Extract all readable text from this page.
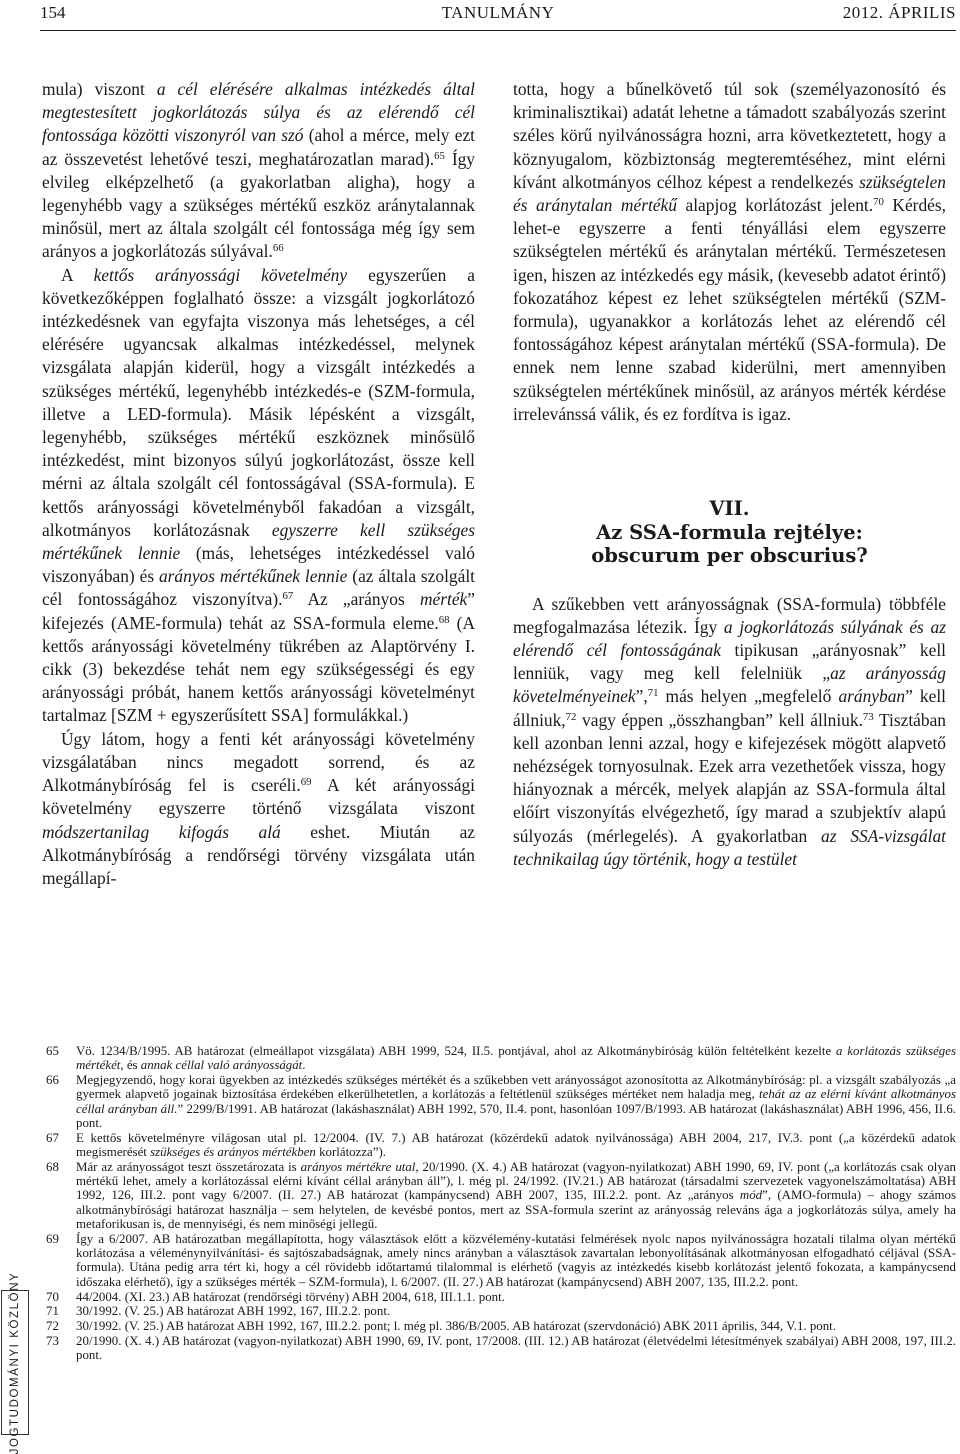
154	TANULMÁNY	2012. ÁPRILIS

mula) viszont a cél elérésére alkalmas intézkedés által megtestesített jogkorlátozás súlya és az elérendő cél fontossága közötti viszonyról van szó (ahol a mérce, mely ezt az összevetést lehetővé teszi, meghatározatlan marad).$^{65}$ Így elvileg elképzelhető (a gyakorlatban aligha), hogy a legenyhébb vagy a szükséges mértékű eszköz aránytalannak minősül, mert az általa szolgált cél fontossága még így sem arányos a jogkorlátozás súlyával.$^{66}$

A kettős arányossági követelmény egyszerűen a következőképpen foglalható össze: a vizsgált jogkorlátozó intézkedésnek van egyfajta viszonya más lehetséges, a cél elérésére ugyancsak alkalmas intézkedéssel, melynek vizsgálata alapján kiderül, hogy a vizsgált intézkedés a szükséges mértékű, legenyhébb intézkedés-e (SZM-formula, illetve a LED-formula). Másik lépésként a vizsgált, legenyhébb, szükséges mértékű eszköznek minősülő intézkedést, mint bizonyos súlyú jogkorlátozást, össze kell mérni az általa szolgált cél fontosságával (SSA-formula). E kettős arányossági követelményből fakadóan a vizsgált, alkotmányos korlátozásnak egyszerre kell szükséges mértékűnek lennie (más, lehetséges intézkedéssel való viszonyában) és arányos mértékűnek lennie (az általa szolgált cél fontosságához viszonyítva).$^{67}$ Az „arányos mérték” kifejezés (AME-formula) tehát az SSA-formula eleme.$^{68}$ (A kettős arányossági követelmény tükrében az Alaptörvény I. cikk (3) bekezdése tehát nem egy szükségességi és egy arányossági próbát, hanem kettős arányossági követelményt tartalmaz [SZM + egyszerűsített SSA] formulákkal.)

Úgy látom, hogy a fenti két arányossági követelmény vizsgálatában nincs megadott sorrend, és az Alkotmánybíróság fel is cseréli.$^{69}$ A két arányossági követelmény egyszerre történő vizsgálata viszont módszertanilag kifogás alá eshet. Miután az Alkotmánybíróság a rendőrségi törvény vizsgálata után megállapí-

totta, hogy a bűnelkövető túl sok (személyazonosító és kriminalisztikai) adatát lehetne a támadott szabályozás szerint széles körű nyilvánosságra hozni, arra következtetett, hogy a köznyugalom, közbiztonság megteremtéséhez, mint elérni kívánt alkotmányos célhoz képest a rendelkezés szükségtelen és aránytalan mértékű alapjog korlátozást jelent.$^{70}$ Kérdés, lehet-e egyszerre a fenti tényállási elem egyszerre szükségtelen mértékű és aránytalan mértékű. Természetesen igen, hiszen az intézkedés egy másik, (kevesebb adatot érintő) fokozatához képest ez lehet szükségtelen mértékű (SZM-formula), ugyanakkor a korlátozás lehet az elérendő cél fontosságához képest aránytalan mértékű (SSA-formula). De ennek nem lenne szabad kiderülni, mert amennyiben szükségtelen mértékűnek minősül, az arányos mérték kérdése irrelevánssá válik, és ez fordítva is igaz.

VII.
Az SSA-formula rejtélye:
obscurum per obscurius?

A szűkebben vett arányosságnak (SSA-formula) többféle megfogalmazása létezik. Így a jogkorlátozás súlyának és az elérendő cél fontosságának tipikusan „arányosnak” kell lenniük, vagy meg kell felelniük „az arányosság követelményeinek”,$^{71}$ más helyen „megfelelő arányban” kell állniuk,$^{72}$ vagy éppen „összhangban” kell állniuk.$^{73}$ Tisztában kell azonban lenni azzal, hogy e kifejezések mögött alapvető nehézségek tornyosulnak. Ezek arra vezethetőek vissza, hogy hiányoznak a mércék, melyek alapján az SSA-formula által előírt viszonyítás elvégezhető, így marad a szubjektív alapú súlyozás (mérlegelés). A gyakorlatban az SSA-vizsgálat technikailag úgy történik, hogy a testület

65	Vö. 1234/B/1995. AB határozat (elmeállapot vizsgálata) ABH 1999, 524, II.5. pontjával, ahol az Alkotmánybíróság külön feltételként kezelte a korlátozás szükséges mértékét, és annak céllal való arányosságát.
66	Megjegyzendő, hogy korai ügyekben az intézkedés szükséges mértékét és a szűkebben vett arányosságot azonosította az Alkotmánybíróság: pl. a vizsgált szabályozás „a gyermek alapvető jogainak biztosítása érdekében elkerülhetetlen, a korlátozás a feltétlenül szükséges mértéket nem haladja meg, tehát az az elérni kívánt alkotmányos céllal arányban áll.” 2299/B/1991. AB határozat (lakáshasználat) ABH 1992, 570, II.4. pont, hasonlóan 1097/B/1993. AB határozat (lakáshasználat) ABH 1996, 456, II.6. pont.
67	E kettős követelményre világosan utal pl. 12/2004. (IV. 7.) AB határozat (közérdekű adatok nyilvánossága) ABH 2004, 217, IV.3. pont („a közérdekű adatok megismerését szükséges és arányos mértékben korlátozza”).
68	Már az arányosságot teszt összetározata is arányos mértékre utal, 20/1990. (X. 4.) AB határozat (vagyon-nyilatkozat) ABH 1990, 69, IV. pont („a korlátozás csak olyan mértékű lehet, amely a korlátozással elérni kívánt céllal arányban áll”), l. még pl. 24/1992. (IV.21.) AB határozat (társadalmi szervezetek vagyonelszámoltatása) ABH 1992, 126, III.2. pont vagy 6/2007. (II. 27.) AB határozat (kampánycsend) ABH 2007, 135, III.2.2. pont. Az „arányos mód”, (AMO-formula) – ahogy számos alkotmánybírósági határozat használja – sem helytelen, de kevésbé pontos, mert az SSA-formula szerint az arányosság releváns ága a jogkorlátozás súlya, amely ha metaforikusan is, de mennyiségi, és nem minőségi jellegű.
69	Így a 6/2007. AB határozatban megállapította, hogy választások előtt a közvélemény-kutatási felmérések nyolc napos nyilvánosságra hozatali tilalma olyan mértékű korlátozása a véleménynyilvánítási- és sajtószabadságnak, amely nincs arányban a választások zavartalan lebonyolításának alkotmányosan elfogadható céljával (SSA-formula). Utána pedig arra tért ki, hogy a cél rövidebb időtartamú tilalommal is elérhető (vagyis az intézkedés kisebb korlátozást jelentő fokozata, a kampánycsend időszaka elérhető), így a szükséges mérték – SZM-formula), l. 6/2007. (II. 27.) AB határozat (kampánycsend) ABH 2007, 135, III.2.2. pont.
70	44/2004. (XI. 23.) AB határozat (rendőrségi törvény) ABH 2004, 618, III.1.1. pont.
71	30/1992. (V. 25.) AB határozat ABH 1992, 167, III.2.2. pont.
72	30/1992. (V. 25.) AB határozat ABH 1992, 167, III.2.2. pont; l. még pl. 386/B/2005. AB határozat (szervdonáció) ABK 2011 április, 344, V.1. pont.
73	20/1990. (X. 4.) AB határozat (vagyon-nyilatkozat) ABH 1990, 69, IV. pont, 17/2008. (III. 12.) AB határozat (életvédelmi létesítmények szabályai) ABH 2008, 197, III.2. pont.
JOGTUDOMÁNYI KÖZLÖNY
